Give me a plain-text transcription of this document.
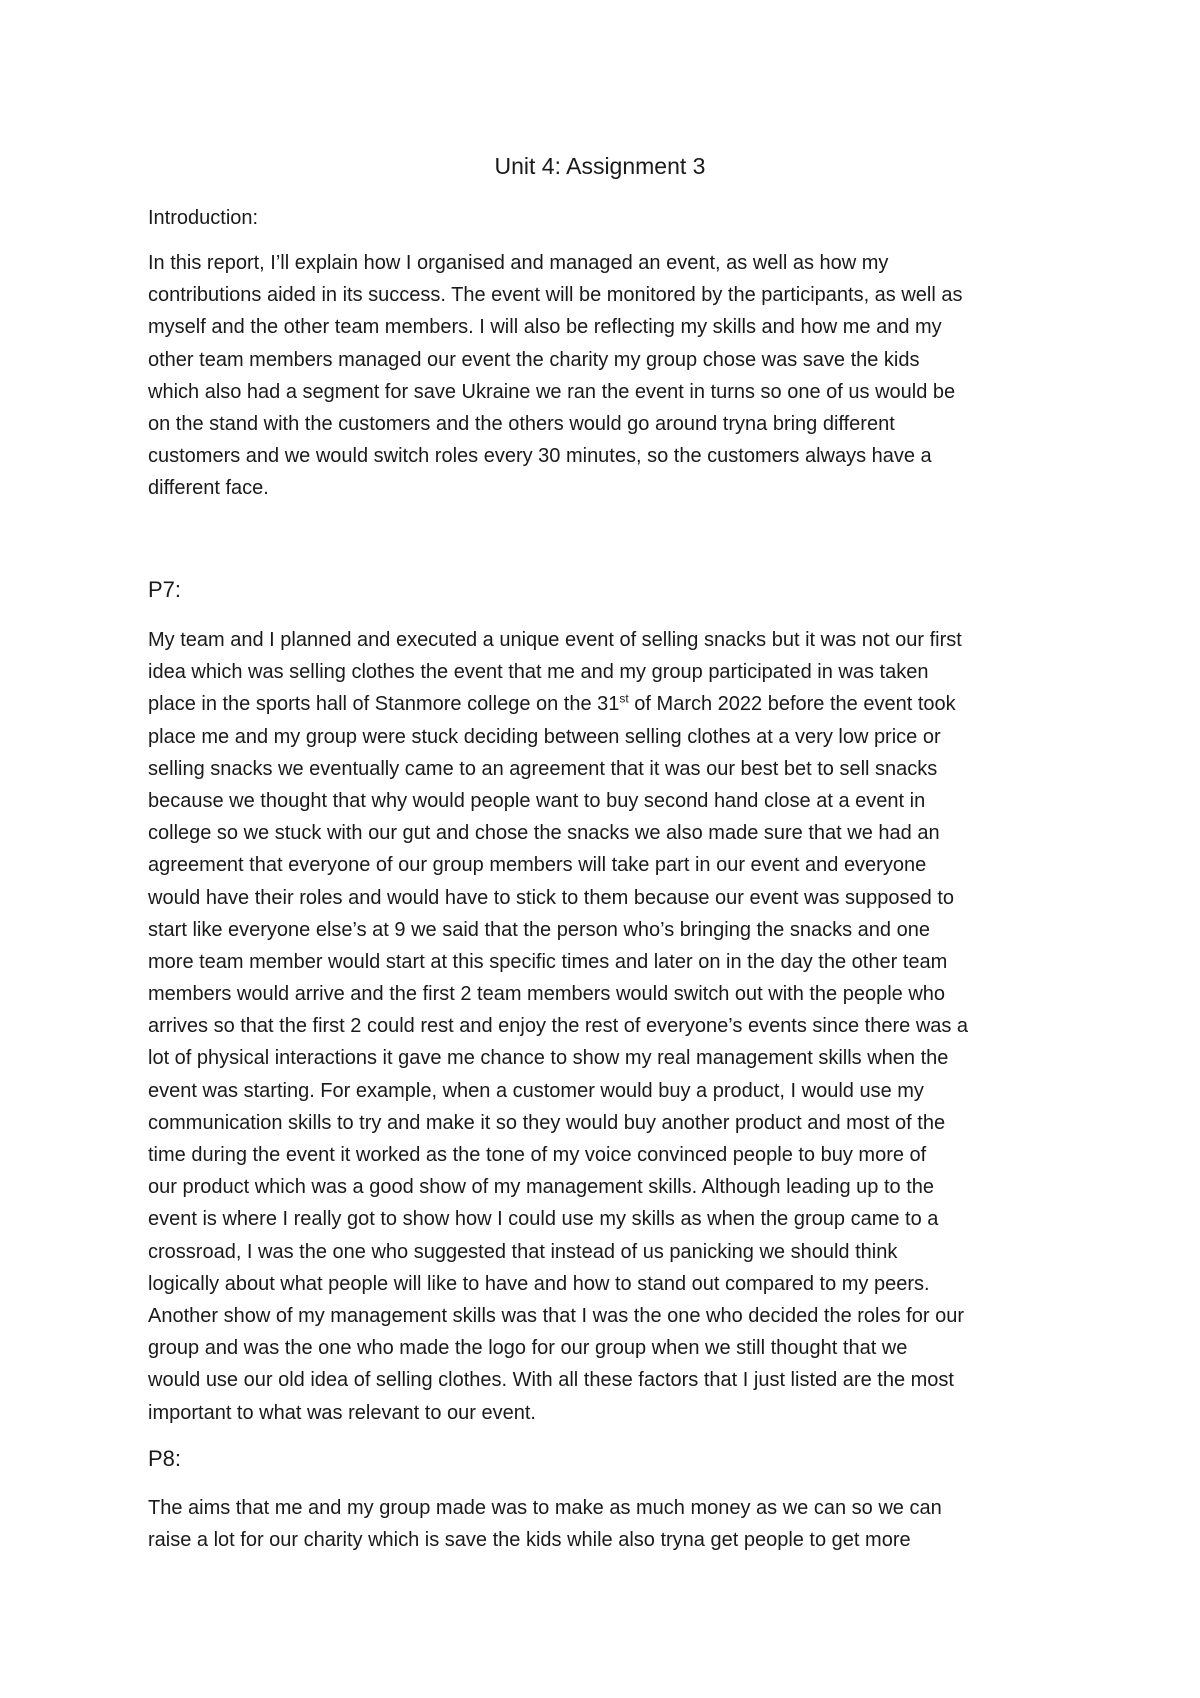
Unit 4: Assignment 3
Introduction:
In this report, I’ll explain how I organised and managed an event, as well as how my
contributions aided in its success. The event will be monitored by the participants, as well as
myself and the other team members. I will also be reflecting my skills and how me and my
other team members managed our event the charity my group chose was save the kids
which also had a segment for save Ukraine we ran the event in turns so one of us would be
on the stand with the customers and the others would go around tryna bring different
customers and we would switch roles every 30 minutes, so the customers always have a
different face.
P7:
My team and I planned and executed a unique event of selling snacks but it was not our first
idea which was selling clothes the event that me and my group participated in was taken
place in the sports hall of Stanmore college on the 31st of March 2022 before the event took
place me and my group were stuck deciding between selling clothes at a very low price or
selling snacks we eventually came to an agreement that it was our best bet to sell snacks
because we thought that why would people want to buy second hand close at a event in
college so we stuck with our gut and chose the snacks we also made sure that we had an
agreement that everyone of our group members will take part in our event and everyone
would have their roles and would have to stick to them because our event was supposed to
start like everyone else’s at 9 we said that the person who’s bringing the snacks and one
more team member would start at this specific times and later on in the day the other team
members would arrive and the first 2 team members would switch out with the people who
arrives so that the first 2 could rest and enjoy the rest of everyone’s events since there was a
lot of physical interactions it gave me chance to show my real management skills when the
event was starting. For example, when a customer would buy a product, I would use my
communication skills to try and make it so they would buy another product and most of the
time during the event it worked as the tone of my voice convinced people to buy more of
our product which was a good show of my management skills. Although leading up to the
event is where I really got to show how I could use my skills as when the group came to a
crossroad, I was the one who suggested that instead of us panicking we should think
logically about what people will like to have and how to stand out compared to my peers.
Another show of my management skills was that I was the one who decided the roles for our
group and was the one who made the logo for our group when we still thought that we
would use our old idea of selling clothes. With all these factors that I just listed are the most
important to what was relevant to our event.
P8:
The aims that me and my group made was to make as much money as we can so we can
raise a lot for our charity which is save the kids while also tryna get people to get more
